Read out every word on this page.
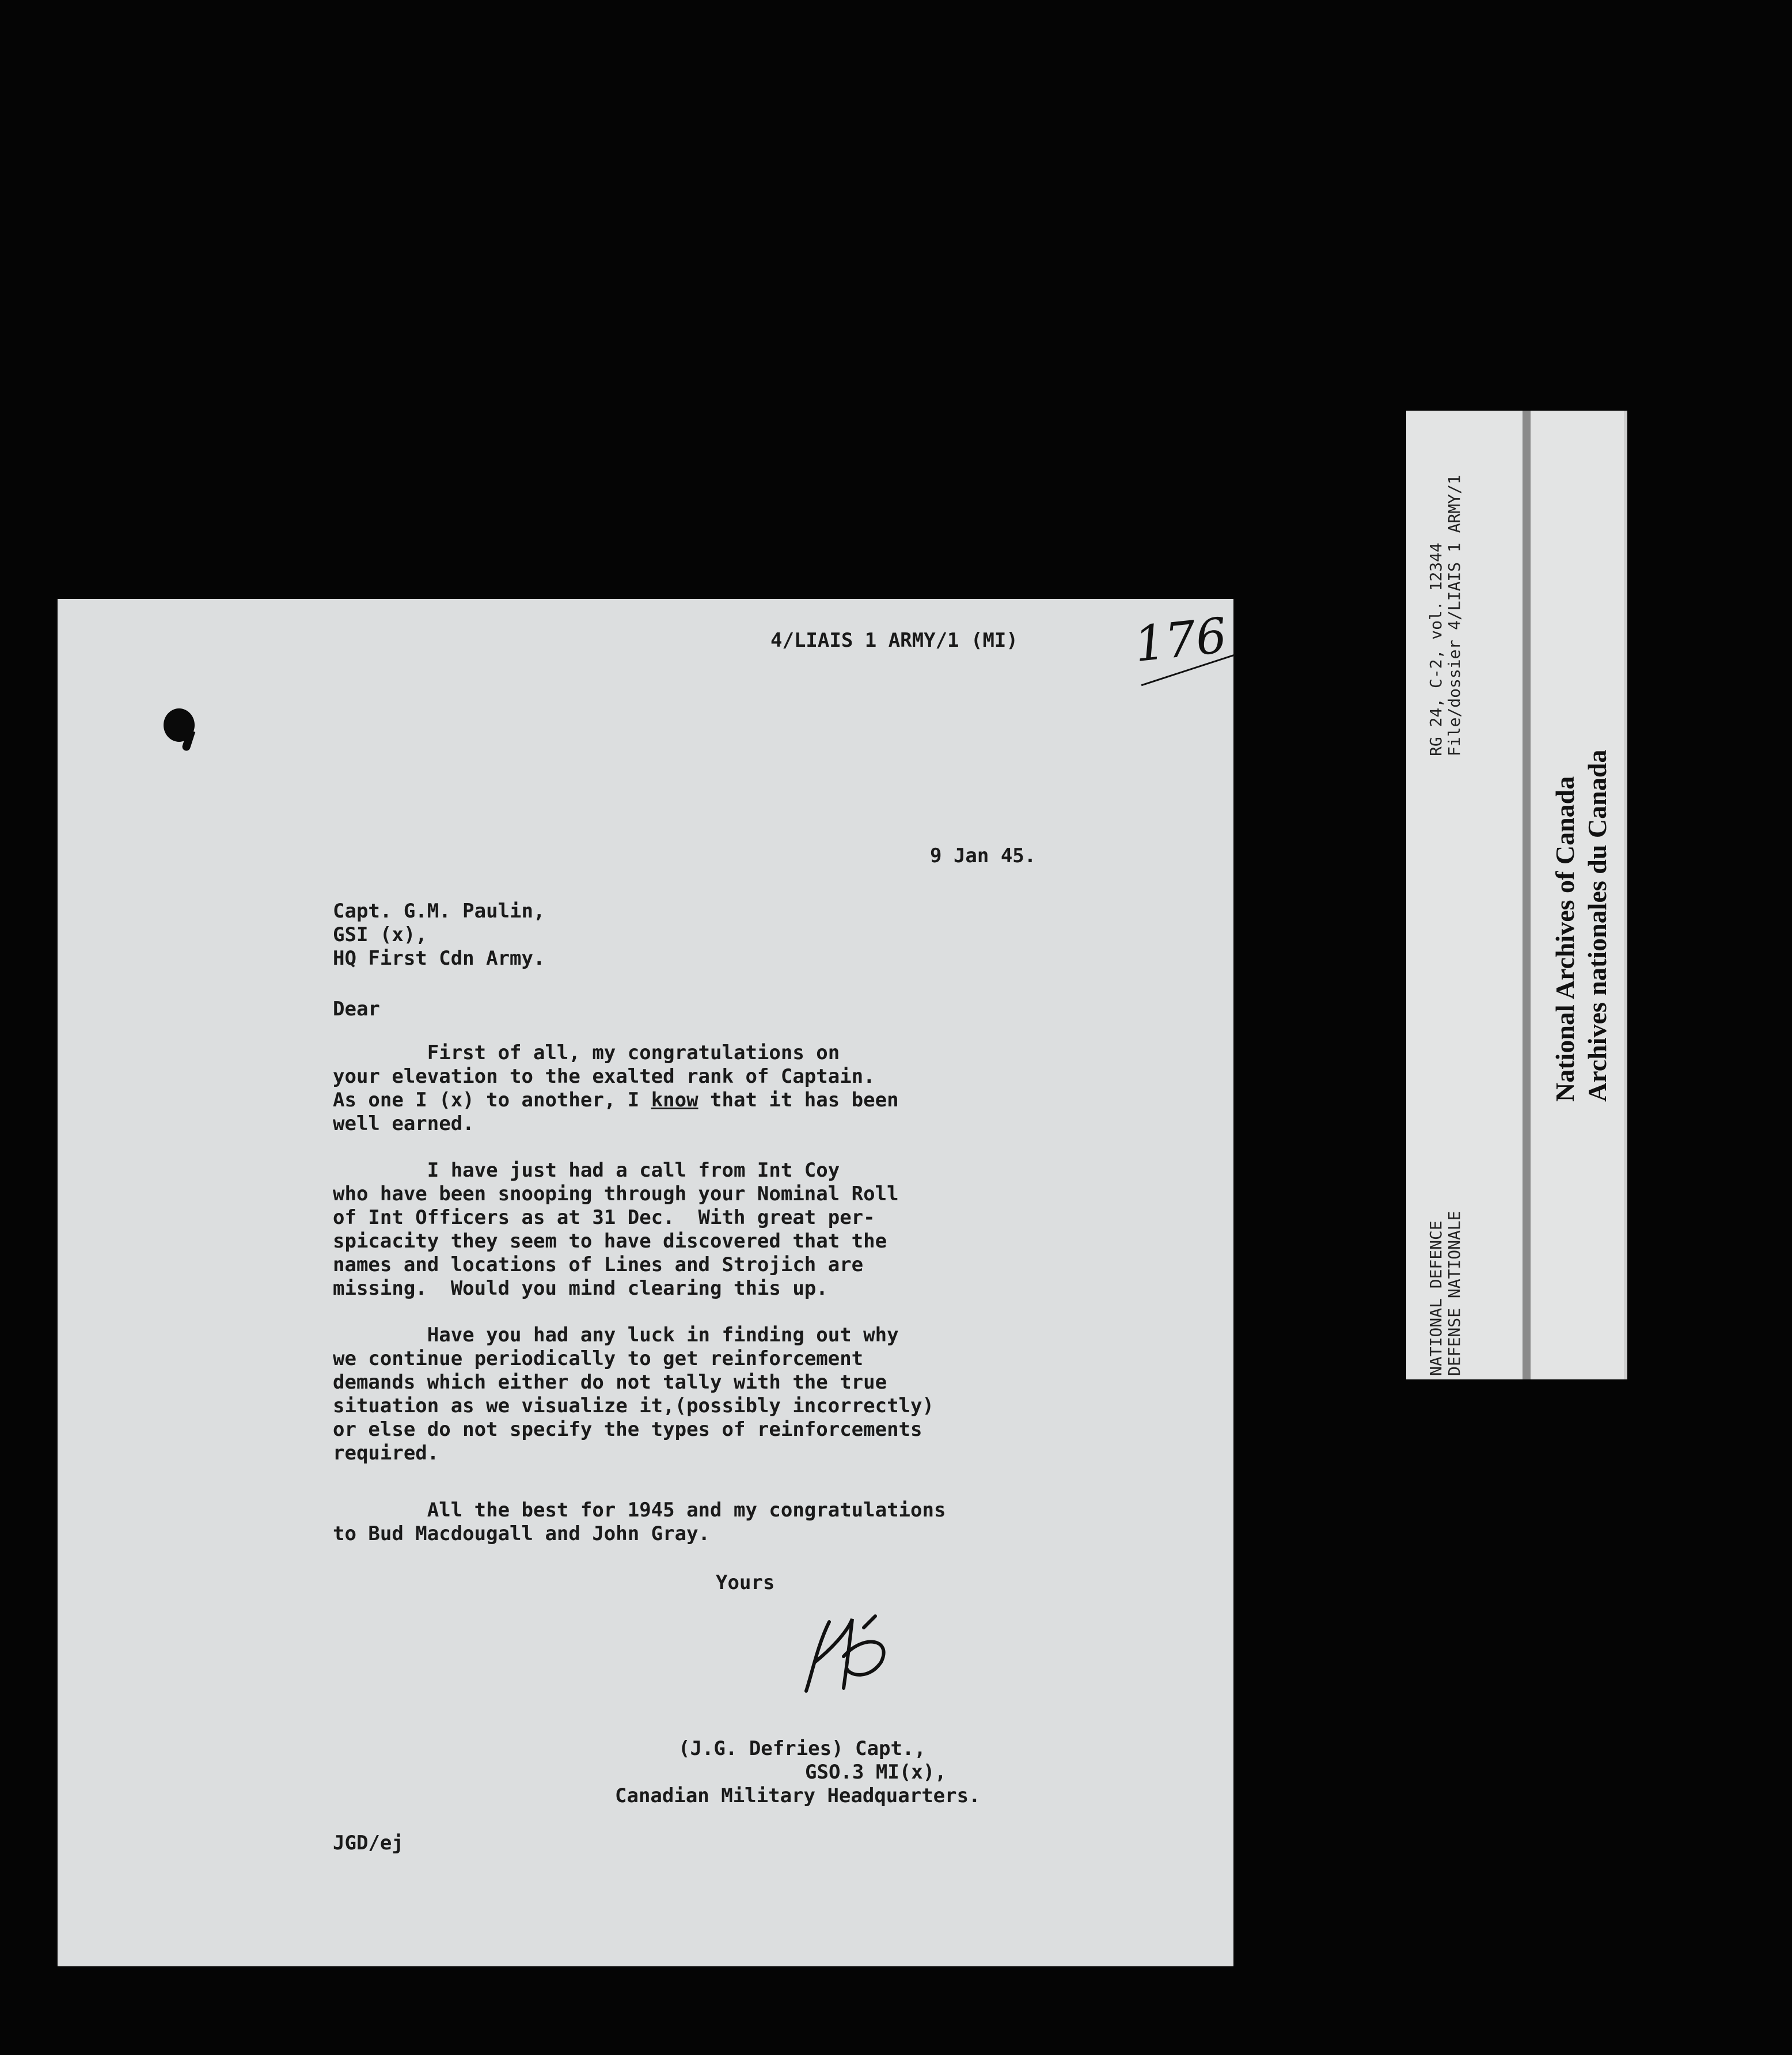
4/LIAIS 1 ARMY/1 (MI) 176
9 Jan 45.
Capt. G.M. Paulin,
GSI (x),
HQ First Cdn Army.
Dear
First of all, my congratulations on
your elevation to the exalted rank of Captain.
As one I (x) to another, I know that it has been
well earned.
I have just had a call from Int Coy
who have been snooping through your Nominal Roll
of Int Officers as at 31 Dec.  With great per-
spicacity they seem to have discovered that the
names and locations of Lines and Strojich are
missing.  Would you mind clearing this up.
Have you had any luck in finding out why
we continue periodically to get reinforcement
demands which either do not tally with the true
situation as we visualize it,(possibly incorrectly)
or else do not specify the types of reinforcements
required.
All the best for 1945 and my congratulations
to Bud Macdougall and John Gray.
Yours
(J.G. Defries) Capt.,
GSO.3 MI(x),
Canadian Military Headquarters.
JGD/ej
NATIONAL DEFENCE DEFENSE NATIONALE
RG 24, C-2, vol. 12344 File/dossier 4/LIAIS 1 ARMY/1
National Archives of Canada Archives nationales du Canada
